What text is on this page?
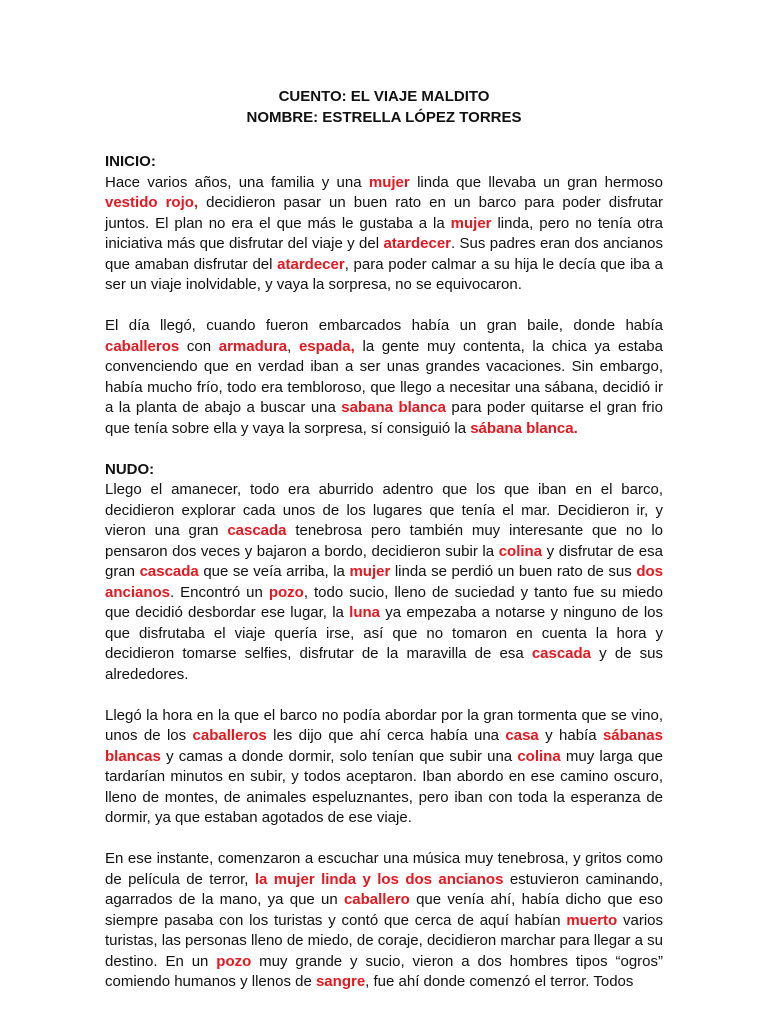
CUENTO: EL VIAJE MALDITO

NOMBRE: ESTRELLA LÓPEZ TORRES

INICIO:

Hace varios años, una familia y una mujer linda que llevaba un gran hermoso vestido rojo, decidieron pasar un buen rato en un barco para poder disfrutar juntos. El plan no era el que más le gustaba a la mujer linda, pero no tenía otra iniciativa más que disfrutar del viaje y del atardecer. Sus padres eran dos ancianos que amaban disfrutar del atardecer, para poder calmar a su hija le decía que iba a ser un viaje inolvidable, y vaya la sorpresa, no se equivocaron.

El día llegó, cuando fueron embarcados había un gran baile, donde había caballeros con armadura, espada, la gente muy contenta, la chica ya estaba convenciendo que en verdad iban a ser unas grandes vacaciones. Sin embargo, había mucho frío, todo era tembloroso, que llego a necesitar una sábana, decidió ir a la planta de abajo a buscar una sabana blanca para poder quitarse el gran frio que tenía sobre ella y vaya la sorpresa, sí consiguió la sábana blanca.

NUDO:

Llego el amanecer, todo era aburrido adentro que los que iban en el barco, decidieron explorar cada unos de los lugares que tenía el mar. Decidieron ir, y vieron una gran cascada tenebrosa pero también muy interesante que no lo pensaron dos veces y bajaron a bordo, decidieron subir la colina y disfrutar de esa gran cascada que se veía arriba, la mujer linda se perdió un buen rato de sus dos ancianos. Encontró un pozo, todo sucio, lleno de suciedad y tanto fue su miedo que decidió desbordar ese lugar, la luna ya empezaba a notarse y ninguno de los que disfrutaba el viaje quería irse, así que no tomaron en cuenta la hora y decidieron tomarse selfies, disfrutar de la maravilla de esa cascada y de sus alrededores.

Llegó la hora en la que el barco no podía abordar por la gran tormenta que se vino, unos de los caballeros les dijo que ahí cerca había una casa y había sábanas blancas y camas a donde dormir, solo tenían que subir una colina muy larga que tardarían minutos en subir, y todos aceptaron. Iban abordo en ese camino oscuro, lleno de montes, de animales espeluznantes, pero iban con toda la esperanza de dormir, ya que estaban agotados de ese viaje.

En ese instante, comenzaron a escuchar una música muy tenebrosa, y gritos como de película de terror, la mujer linda y los dos ancianos estuvieron caminando, agarrados de la mano, ya que un caballero que venía ahí, había dicho que eso siempre pasaba con los turistas y contó que cerca de aquí habían muerto varios turistas, las personas lleno de miedo, de coraje, decidieron marchar para llegar a su destino. En un pozo muy grande y sucio, vieron a dos hombres tipos “ogros” comiendo humanos y llenos de sangre, fue ahí donde comenzó el terror. Todos
